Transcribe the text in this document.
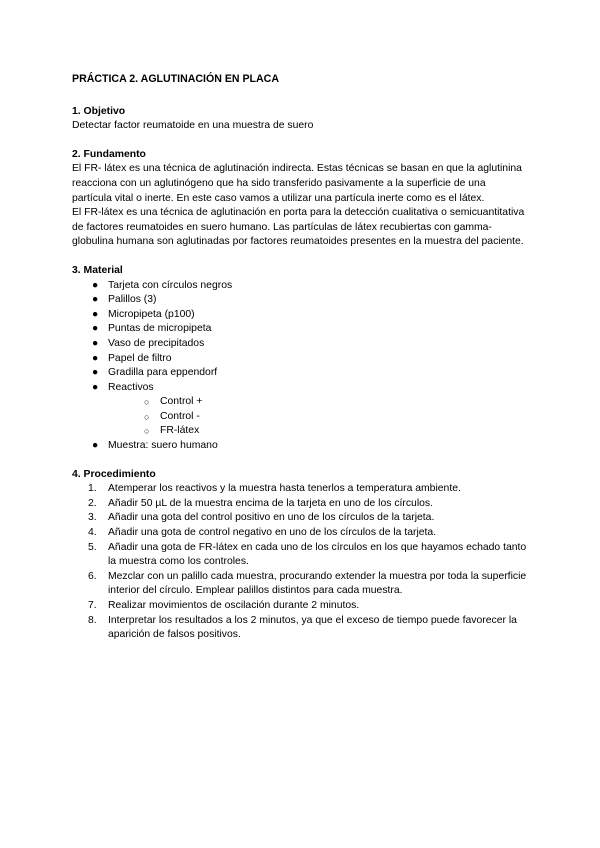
PRÁCTICA 2. AGLUTINACIÓN EN PLACA

1. Objetivo

Detectar factor reumatoide en una muestra de suero

2. Fundamento

El FR- látex es una técnica de aglutinación indirecta. Estas técnicas se basan en que la aglutinina reacciona con un aglutinógeno que ha sido transferido pasivamente a la superficie de una partícula vital o inerte. En este caso vamos a utilizar una partícula inerte como es el látex.

El FR-látex es una técnica de aglutinación en porta para la detección cualitativa o semicuantitativa de factores reumatoides en suero humano. Las partículas de látex recubiertas con gamma-globulina humana son aglutinadas por factores reumatoides presentes en la muestra del paciente.

3. Material

● Tarjeta con círculos negros
● Palillos (3)
● Micropipeta (p100)
● Puntas de micropipeta
● Vaso de precipitados
● Papel de filtro
● Gradilla para eppendorf
● Reactivos
○ Control +
○ Control -
○ FR-látex
● Muestra: suero humano

4. Procedimiento

1. Atemperar los reactivos y la muestra hasta tenerlos a temperatura ambiente.
2. Añadir 50 µL de la muestra encima de la tarjeta en uno de los círculos.
3. Añadir una gota del control positivo en uno de los círculos de la tarjeta.
4. Añadir una gota de control negativo en uno de los círculos de la tarjeta.
5. Añadir una gota de FR-látex en cada uno de los círculos en los que hayamos echado tanto la muestra como los controles.
6. Mezclar con un palillo cada muestra, procurando extender la muestra por toda la superficie interior del círculo. Emplear palillos distintos para cada muestra.
7. Realizar movimientos de oscilación durante 2 minutos.
8. Interpretar los resultados a los 2 minutos, ya que el exceso de tiempo puede favorecer la aparición de falsos positivos.
